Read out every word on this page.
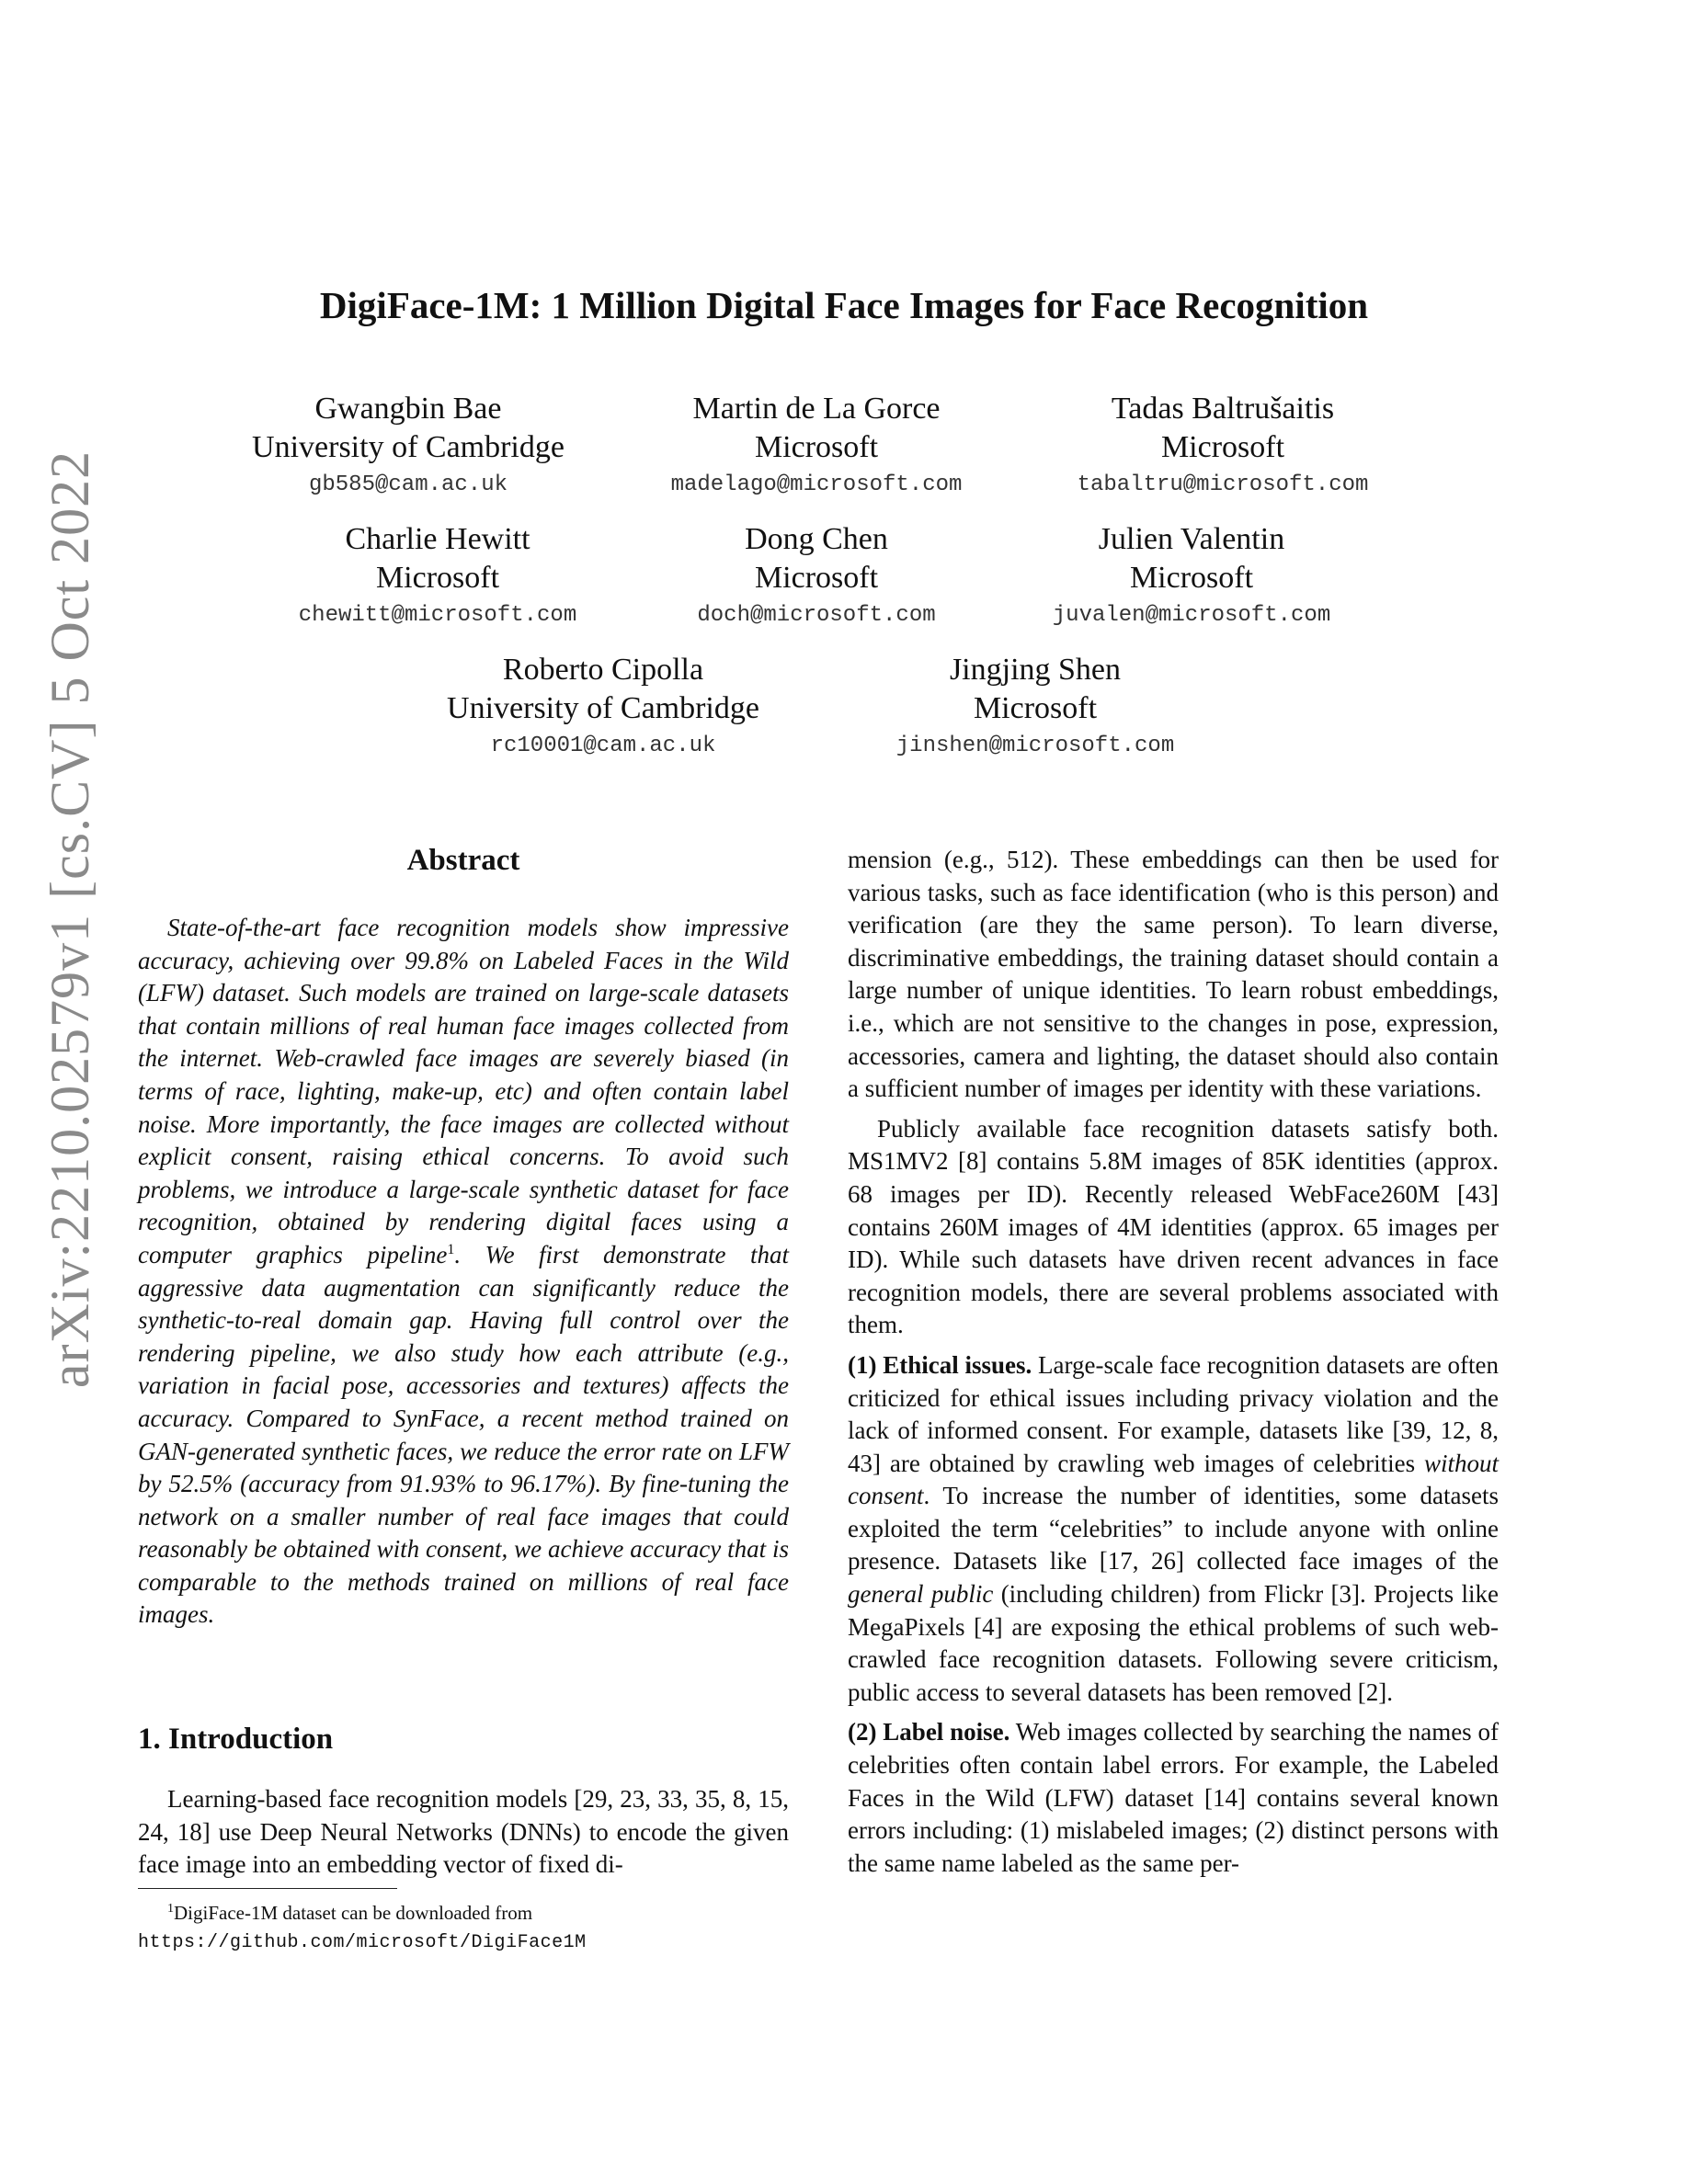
arXiv:2210.02579v1 [cs.CV] 5 Oct 2022
DigiFace-1M: 1 Million Digital Face Images for Face Recognition
Gwangbin Bae
University of Cambridge
gb585@cam.ac.uk
Martin de La Gorce
Microsoft
madelago@microsoft.com
Tadas Baltrušaitis
Microsoft
tabaltru@microsoft.com
Charlie Hewitt
Microsoft
chewitt@microsoft.com
Dong Chen
Microsoft
doch@microsoft.com
Julien Valentin
Microsoft
juvalen@microsoft.com
Roberto Cipolla
University of Cambridge
rc10001@cam.ac.uk
Jingjing Shen
Microsoft
jinshen@microsoft.com
Abstract
State-of-the-art face recognition models show impressive accuracy, achieving over 99.8% on Labeled Faces in the Wild (LFW) dataset. Such models are trained on large-scale datasets that contain millions of real human face images collected from the internet. Web-crawled face images are severely biased (in terms of race, lighting, make-up, etc) and often contain label noise. More importantly, the face images are collected without explicit consent, raising ethical concerns. To avoid such problems, we introduce a large-scale synthetic dataset for face recognition, obtained by rendering digital faces using a computer graphics pipeline$^1$. We first demonstrate that aggressive data augmentation can significantly reduce the synthetic-to-real domain gap. Having full control over the rendering pipeline, we also study how each attribute (e.g., variation in facial pose, accessories and textures) affects the accuracy. Compared to SynFace, a recent method trained on GAN-generated synthetic faces, we reduce the error rate on LFW by 52.5% (accuracy from 91.93% to 96.17%). By fine-tuning the network on a smaller number of real face images that could reasonably be obtained with consent, we achieve accuracy that is comparable to the methods trained on millions of real face images.
1. Introduction
Learning-based face recognition models [29, 23, 33, 35, 8, 15, 24, 18] use Deep Neural Networks (DNNs) to encode the given face image into an embedding vector of fixed di-
$^1$DigiFace-1M dataset can be downloaded from https://github.com/microsoft/DigiFace1M

mension (e.g., 512). These embeddings can then be used for various tasks, such as face identification (who is this person) and verification (are they the same person). To learn diverse, discriminative embeddings, the training dataset should contain a large number of unique identities. To learn robust embeddings, i.e., which are not sensitive to the changes in pose, expression, accessories, camera and lighting, the dataset should also contain a sufficient number of images per identity with these variations.

Publicly available face recognition datasets satisfy both. MS1MV2 [8] contains 5.8M images of 85K identities (approx. 68 images per ID). Recently released WebFace260M [43] contains 260M images of 4M identities (approx. 65 images per ID). While such datasets have driven recent advances in face recognition models, there are several problems associated with them.

(1) Ethical issues. Large-scale face recognition datasets are often criticized for ethical issues including privacy violation and the lack of informed consent. For example, datasets like [39, 12, 8, 43] are obtained by crawling web images of celebrities without consent. To increase the number of identities, some datasets exploited the term “celebrities” to include anyone with online presence. Datasets like [17, 26] collected face images of the general public (including children) from Flickr [3]. Projects like MegaPixels [4] are exposing the ethical problems of such web-crawled face recognition datasets. Following severe criticism, public access to several datasets has been removed [2].

(2) Label noise. Web images collected by searching the names of celebrities often contain label errors. For example, the Labeled Faces in the Wild (LFW) dataset [14] contains several known errors including: (1) mislabeled images; (2) distinct persons with the same name labeled as the same per-
